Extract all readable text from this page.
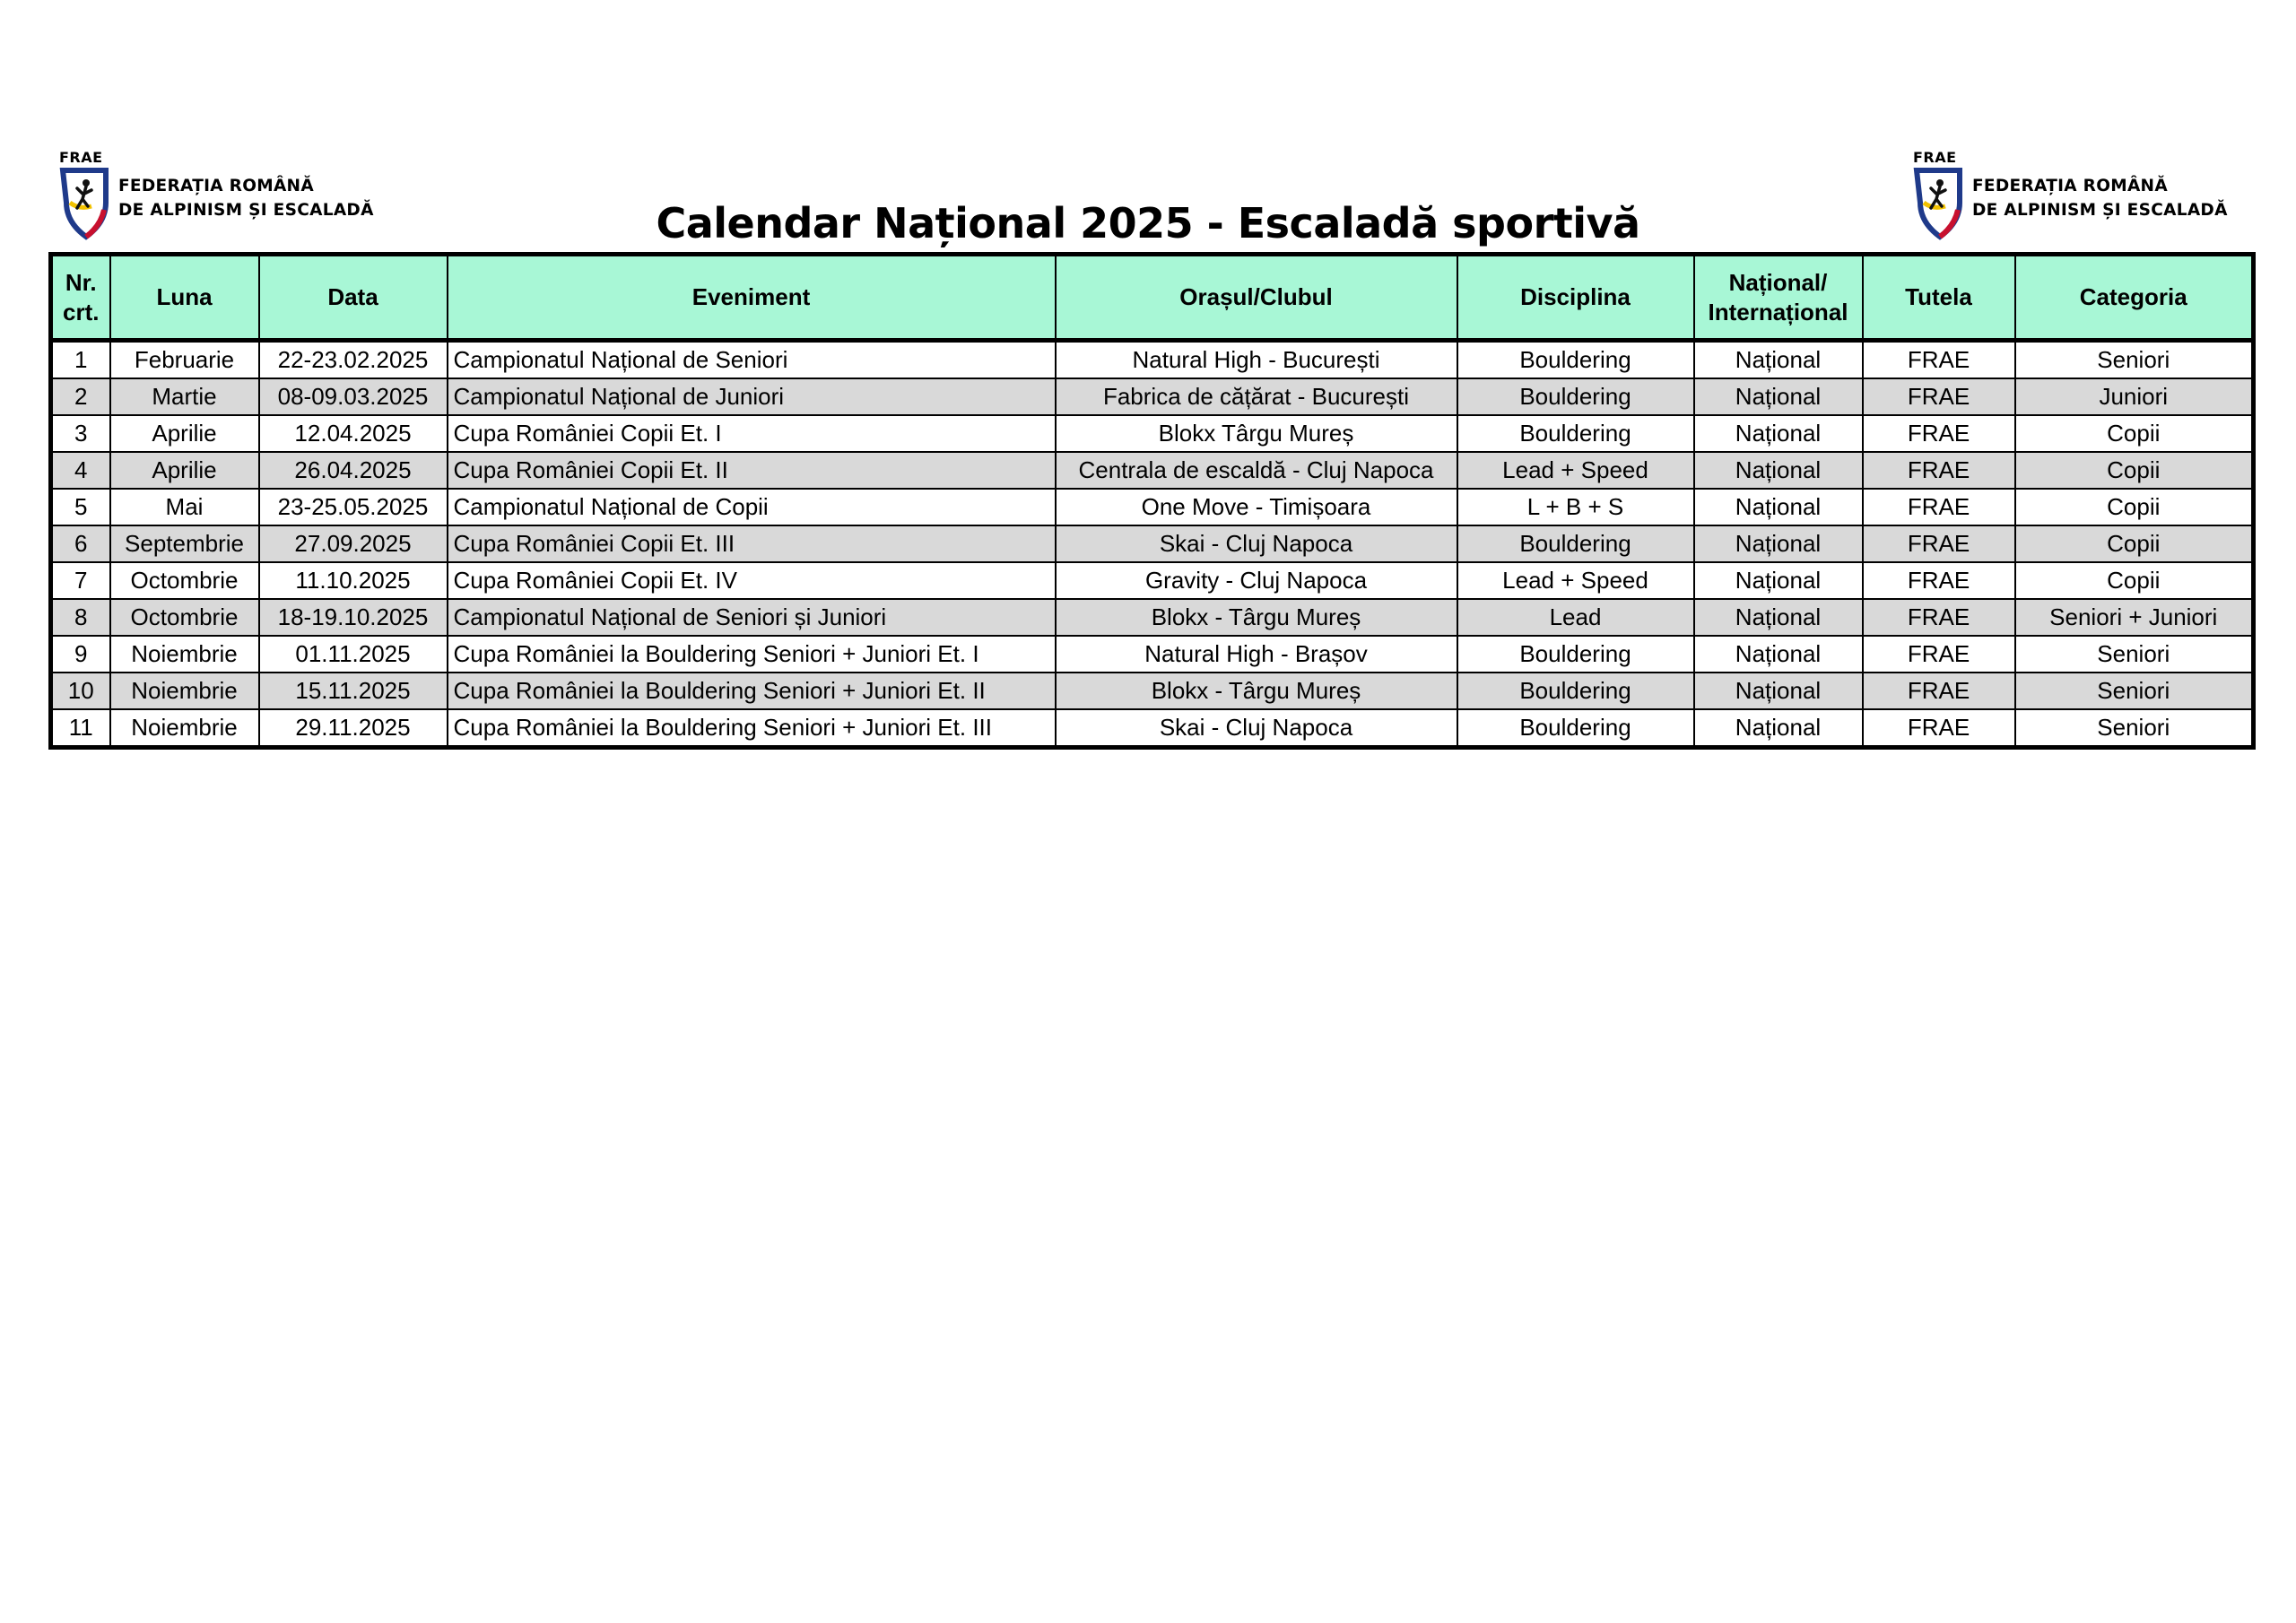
FRAE
FEDERAȚIA ROMÂNĂ
DE ALPINISM ȘI ESCALADĂ
FRAE
FEDERAȚIA ROMÂNĂ
DE ALPINISM ȘI ESCALADĂ
Calendar Național 2025 - Escaladă sportivă
Nr.
crt.	Luna	Data	Eveniment	Orașul/Clubul	Disciplina	Național/
Internațional	Tutela	Categoria
1	Februarie	22-23.02.2025	Campionatul Național de Seniori	Natural High - București	Bouldering	Național	FRAE	Seniori
2	Martie	08-09.03.2025	Campionatul Național de Juniori	Fabrica de cățărat - București	Bouldering	Național	FRAE	Juniori
3	Aprilie	12.04.2025	Cupa României Copii Et. I	Blokx Târgu Mureș	Bouldering	Național	FRAE	Copii
4	Aprilie	26.04.2025	Cupa României Copii Et. II	Centrala de escaldă - Cluj Napoca	Lead + Speed	Național	FRAE	Copii
5	Mai	23-25.05.2025	Campionatul Național de Copii	One Move - Timișoara	L + B + S	Național	FRAE	Copii
6	Septembrie	27.09.2025	Cupa României Copii Et. III	Skai - Cluj Napoca	Bouldering	Național	FRAE	Copii
7	Octombrie	11.10.2025	Cupa României Copii Et. IV	Gravity - Cluj Napoca	Lead + Speed	Național	FRAE	Copii
8	Octombrie	18-19.10.2025	Campionatul Național de Seniori și Juniori	Blokx - Târgu Mureș	Lead	Național	FRAE	Seniori + Juniori
9	Noiembrie	01.11.2025	Cupa României la Bouldering Seniori + Juniori Et. I	Natural High - Brașov	Bouldering	Național	FRAE	Seniori
10	Noiembrie	15.11.2025	Cupa României la Bouldering Seniori + Juniori Et. II	Blokx - Târgu Mureș	Bouldering	Național	FRAE	Seniori
11	Noiembrie	29.11.2025	Cupa României la Bouldering Seniori + Juniori Et. III	Skai - Cluj Napoca	Bouldering	Național	FRAE	Seniori
